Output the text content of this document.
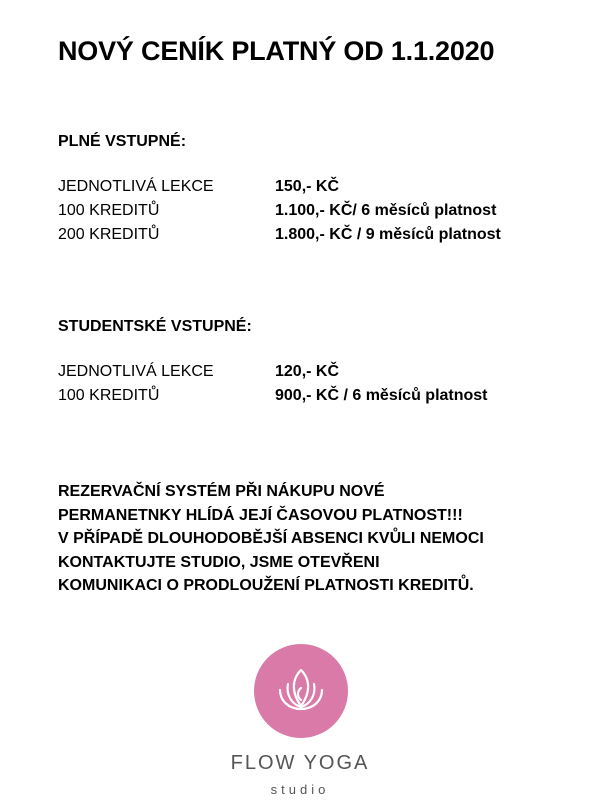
NOVÝ CENÍK PLATNÝ OD 1.1.2020
PLNÉ VSTUPNÉ:
JEDNOTLIVÁ LEKCE	150,- KČ
100 KREDITŮ	1.100,- KČ/ 6 měsíců platnost
200 KREDITŮ	1.800,- KČ / 9 měsíců platnost
STUDENTSKÉ VSTUPNÉ:
JEDNOTLIVÁ LEKCE	120,- KČ
100 KREDITŮ	900,- KČ / 6 měsíců platnost
REZERVAČNÍ SYSTÉM PŘI NÁKUPU NOVÉ
PERMANETNKY HLÍDÁ JEJÍ ČASOVOU PLATNOST!!!
V PŘÍPADĚ DLOUHODOBĚJŠÍ ABSENCI KVŮLI NEMOCI
KONTAKTUJTE STUDIO, JSME OTEVŘENI
KOMUNIKACI O PRODLOUŽENÍ PLATNOSTI KREDITŮ.
FLOW YOGA
studio
